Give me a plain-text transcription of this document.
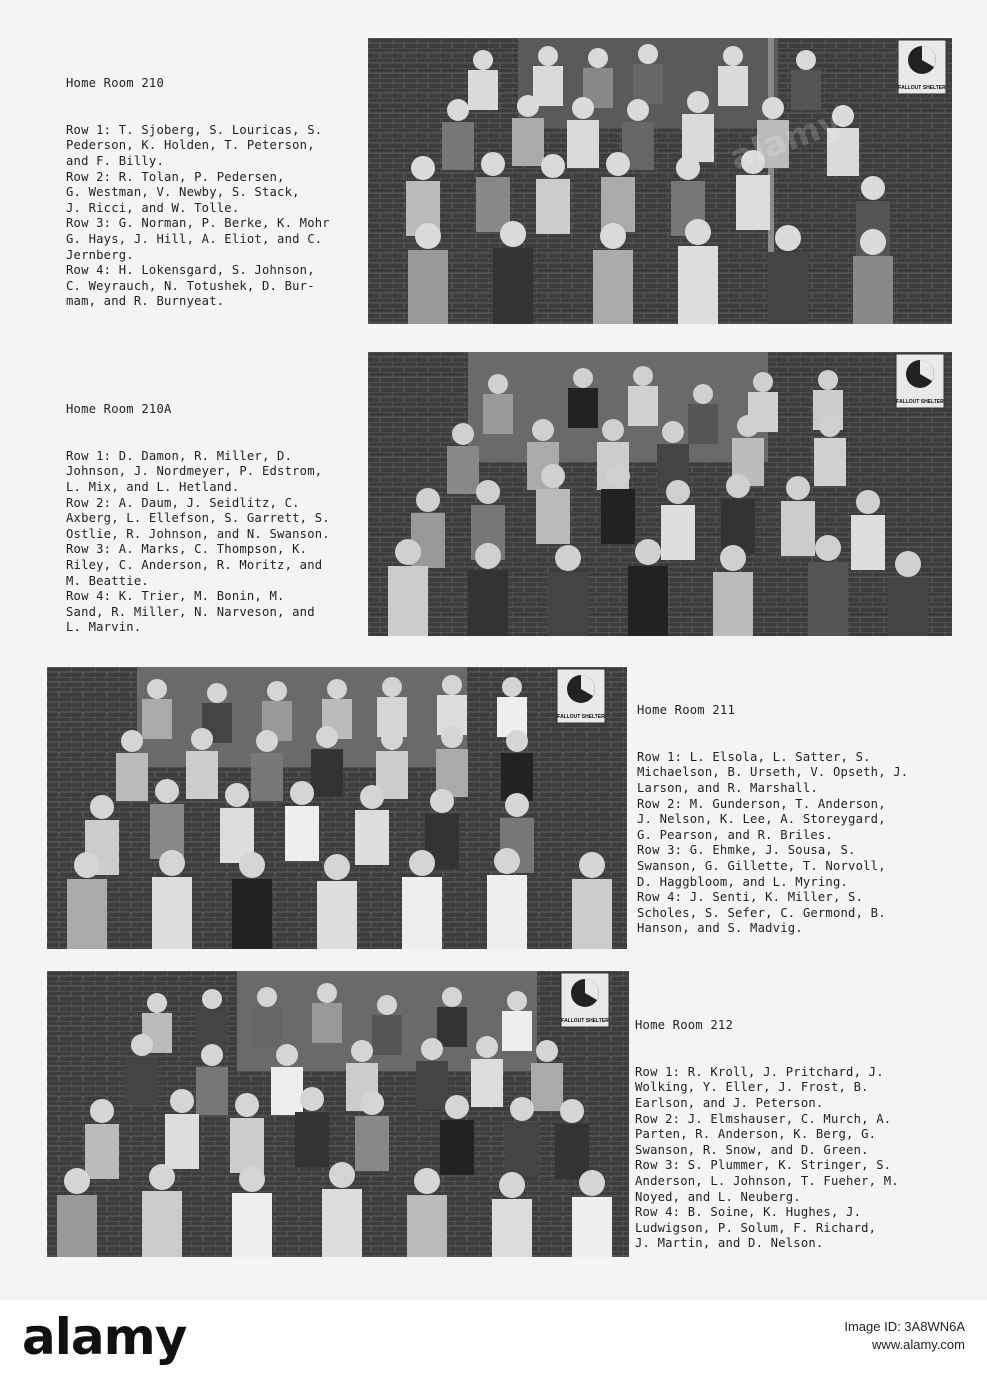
Home Room 210

Row 1: T. Sjoberg, S. Louricas, S.
Pederson, K. Holden, T. Peterson,
and F. Billy.
Row 2: R. Tolan, P. Pedersen,
G. Westman, V. Newby, S. Stack,
J. Ricci, and W. Tolle.
Row 3: G. Norman, P. Berke, K. Mohr
G. Hays, J. Hill, A. Eliot, and C.
Jernberg.
Row 4: H. Lokensgard, S. Johnson,
C. Weyrauch, N. Totushek, D. Bur-
mam, and R. Burnyeat.

FALLOUT SHELTER

Home Room 210A

Row 1: D. Damon, R. Miller, D.
Johnson, J. Nordmeyer, P. Edstrom,
L. Mix, and L. Hetland.
Row 2: A. Daum, J. Seidlitz, C.
Axberg, L. Ellefson, S. Garrett, S.
Ostlie, R. Johnson, and N. Swanson.
Row 3: A. Marks, C. Thompson, K.
Riley, C. Anderson, R. Moritz, and
M. Beattie.
Row 4: K. Trier, M. Bonin, M.
Sand, R. Miller, N. Narveson, and
L. Marvin.

FALLOUT SHELTER
FALLOUT SHELTER

Home Room 211

Row 1: L. Elsola, L. Satter, S.
Michaelson, B. Urseth, V. Opseth, J.
Larson, and R. Marshall.
Row 2: M. Gunderson, T. Anderson,
J. Nelson, K. Lee, A. Storeygard,
G. Pearson, and R. Briles.
Row 3: G. Ehmke, J. Sousa, S.
Swanson, G. Gillette, T. Norvoll,
D. Haggbloom, and L. Myring.
Row 4: J. Senti, K. Miller, S.
Scholes, S. Sefer, C. Germond, B.
Hanson, and S. Madvig.

FALLOUT SHELTER Home Room 212

Row 1: R. Kroll, J. Pritchard, J.
Wolking, Y. Eller, J. Frost, B.
Earlson, and J. Peterson.
Row 2: J. Elmshauser, C. Murch, A.
Parten, R. Anderson, K. Berg, G.
Swanson, R. Snow, and D. Green.
Row 3: S. Plummer, K. Stringer, S.
Anderson, L. Johnson, T. Fueher, M.
Noyed, and L. Neuberg.
Row 4: B. Soine, K. Hughes, J.
Ludwigson, P. Solum, F. Richard,
J. Martin, and D. Nelson.

alamy	Image ID: 3A8WN6A
www.alamy.com
